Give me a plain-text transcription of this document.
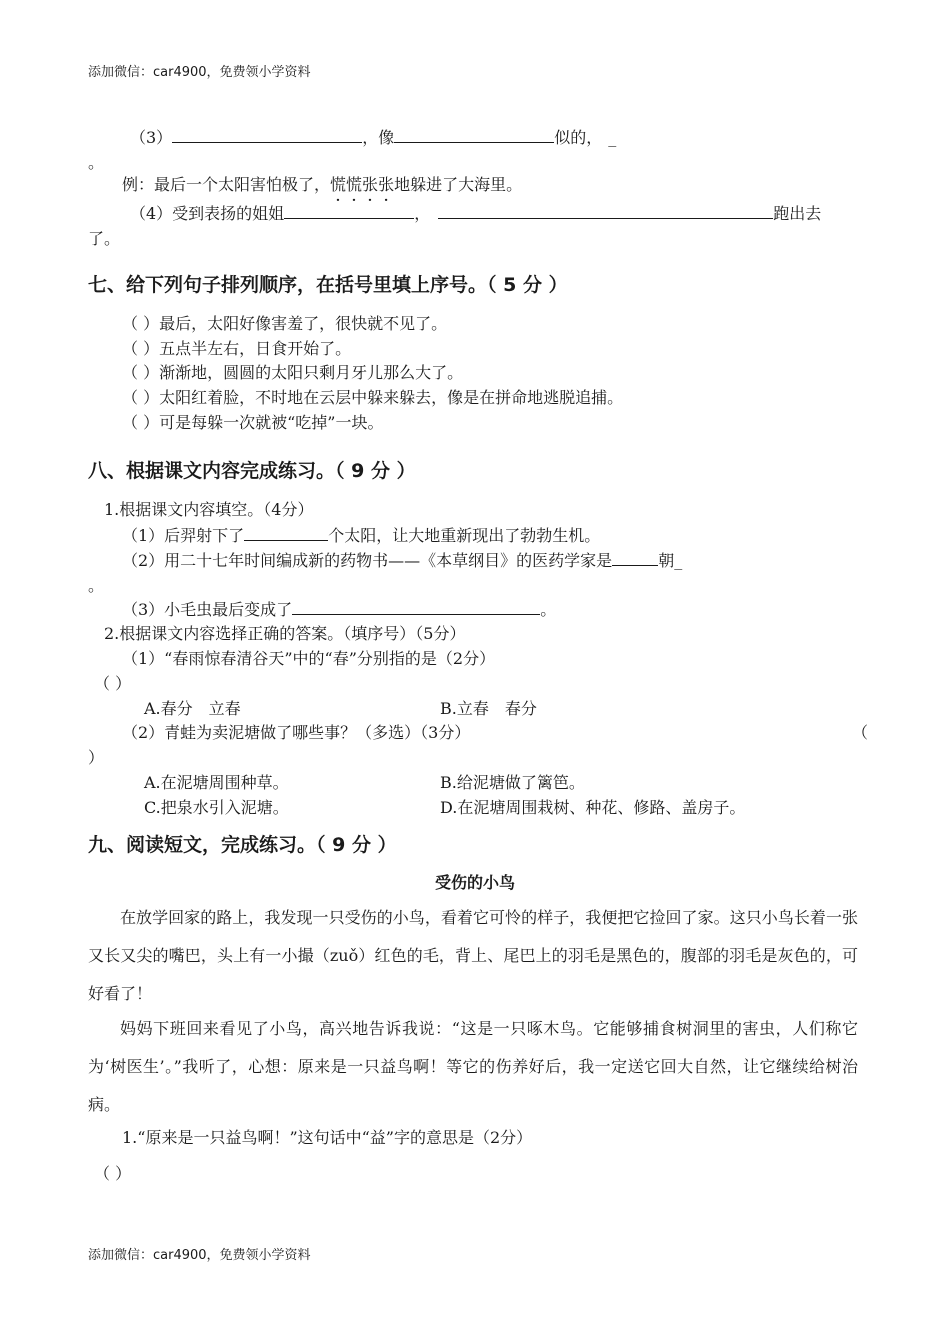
添加微信：car4900，免费领小学资料
（3）	，像	似的， _
。
例：最后一个太阳害怕极了，慌慌张张地躲进了大海里。
（4）受到表扬的姐姐	，	跑出去
了。
七、给下列句子排列顺序，在括号里填上序号。（ 5 分 ）
（ ）最后，太阳好像害羞了，很快就不见了。
（ ）五点半左右，日食开始了。
（ ）渐渐地，圆圆的太阳只剩月牙儿那么大了。
（ ）太阳红着脸，不时地在云层中躲来躲去，像是在拼命地逃脱追捕。
（ ）可是每躲一次就被“吃掉”一块。
八、根据课文内容完成练习。（ 9 分 ）
1.根据课文内容填空。（4分）
（1）后羿射下了	个太阳，让大地重新现出了勃勃生机。
（2）用二十七年时间编成新的药物书——《本草纲目》的医药学家是	朝_
。
（3）小毛虫最后变成了	。
2.根据课文内容选择正确的答案。（填序号）（5分）
（1）“春雨惊春清谷天”中的“春”分别指的是（2分）
（ ）
A.春分　立春	B.立春　春分
（2）青蛙为卖泥塘做了哪些事？（多选）（3分）	（
）
A.在泥塘周围种草。	B.给泥塘做了篱笆。
C.把泉水引入泥塘。	D.在泥塘周围栽树、种花、修路、盖房子。
九、阅读短文，完成练习。（ 9 分 ）
受伤的小鸟
在放学回家的路上，我发现一只受伤的小鸟，看着它可怜的样子，我便把它捡回了家。这只小鸟长着一张又长又尖的嘴巴，头上有一小撮（zuǒ）红色的毛，背上、尾巴上的羽毛是黑色的，腹部的羽毛是灰色的，可好看了！
妈妈下班回来看见了小鸟，高兴地告诉我说：“这是一只啄木鸟。它能够捕食树洞里的害虫，人们称它为‘树医生’。”我听了，心想：原来是一只益鸟啊！等它的伤养好后，我一定送它回大自然，让它继续给树治病。
1.“原来是一只益鸟啊！”这句话中“益”字的意思是（2分）
（ ）
添加微信：car4900，免费领小学资料
